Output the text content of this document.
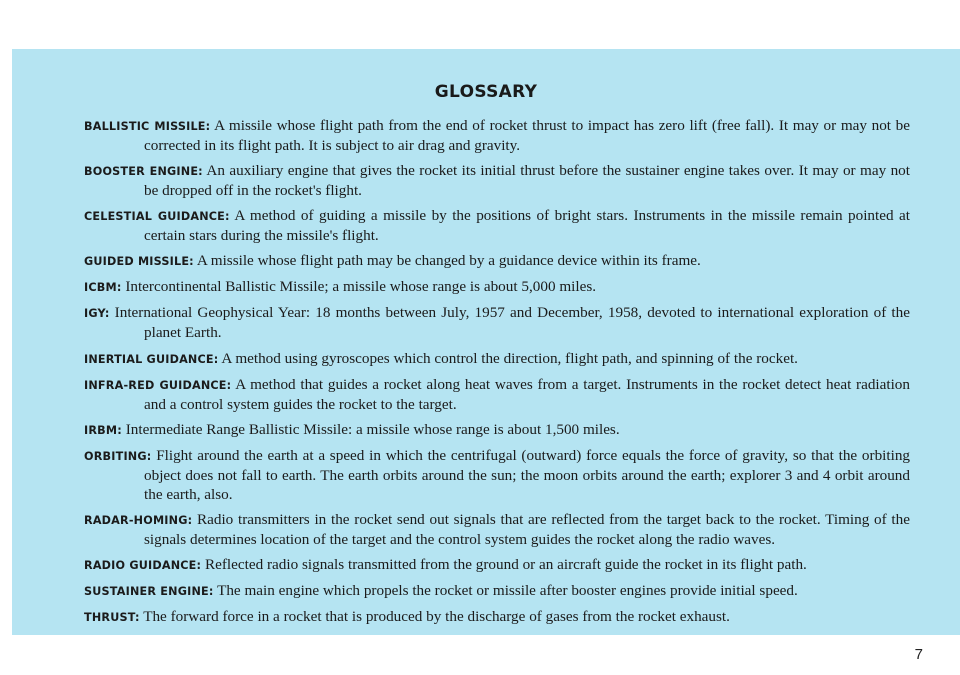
GLOSSARY
BALLISTIC MISSILE: A missile whose flight path from the end of rocket thrust to impact has zero lift (free fall). It may or may not be corrected in its flight path. It is subject to air drag and gravity.
BOOSTER ENGINE: An auxiliary engine that gives the rocket its initial thrust before the sustainer engine takes over. It may or may not be dropped off in the rocket's flight.
CELESTIAL GUIDANCE: A method of guiding a missile by the positions of bright stars. Instruments in the missile remain pointed at certain stars during the missile's flight.
GUIDED MISSILE: A missile whose flight path may be changed by a guidance device within its frame.
ICBM: Intercontinental Ballistic Missile; a missile whose range is about 5,000 miles.
IGY: International Geophysical Year: 18 months between July, 1957 and December, 1958, devoted to international exploration of the planet Earth.
INERTIAL GUIDANCE: A method using gyroscopes which control the direction, flight path, and spinning of the rocket.
INFRA-RED GUIDANCE: A method that guides a rocket along heat waves from a target. Instruments in the rocket detect heat radiation and a control system guides the rocket to the target.
IRBM: Intermediate Range Ballistic Missile: a missile whose range is about 1,500 miles.
ORBITING: Flight around the earth at a speed in which the centrifugal (outward) force equals the force of gravity, so that the orbiting object does not fall to earth. The earth orbits around the sun; the moon orbits around the earth; explorer 3 and 4 orbit around the earth, also.
RADAR-HOMING: Radio transmitters in the rocket send out signals that are reflected from the target back to the rocket. Timing of the signals determines location of the target and the control system guides the rocket along the radio waves.
RADIO GUIDANCE: Reflected radio signals transmitted from the ground or an aircraft guide the rocket in its flight path.
SUSTAINER ENGINE: The main engine which propels the rocket or missile after booster engines provide initial speed.
THRUST: The forward force in a rocket that is produced by the discharge of gases from the rocket exhaust.
7
